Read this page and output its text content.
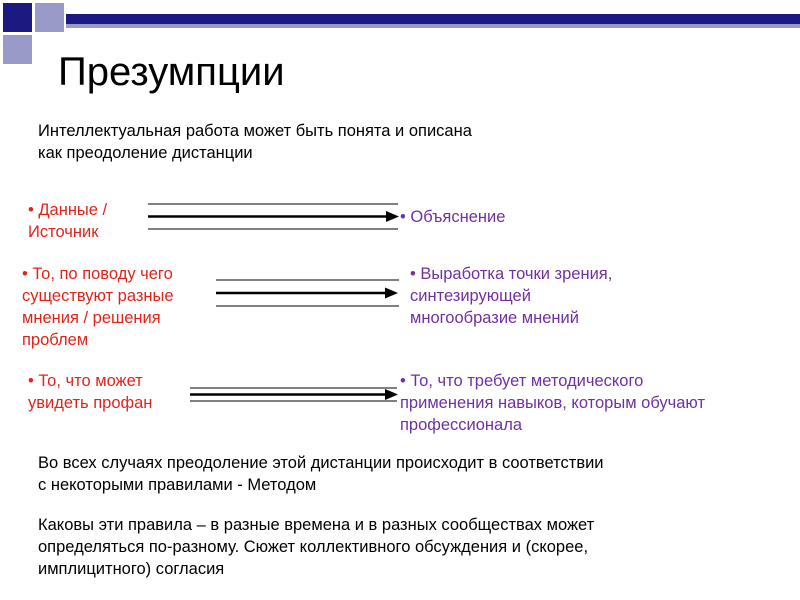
Презумпции
Интеллектуальная работа может быть понята и описана
как преодоление дистанции
• Данные /
Источник
• Объяснение
• То, по поводу чего
существуют разные
мнения / решения
проблем
• Выработка точки зрения,
синтезирующей
многообразие мнений
• То, что может
увидеть профан
• То, что требует методического
применения навыков, которым обучают
профессионала
Во всех случаях преодоление этой дистанции происходит в соответствии
с некоторыми правилами - Методом
Каковы эти правила – в разные времена и в разных сообществах может
определяться по-разному. Сюжет коллективного обсуждения и (скорее,
имплицитного) согласия
